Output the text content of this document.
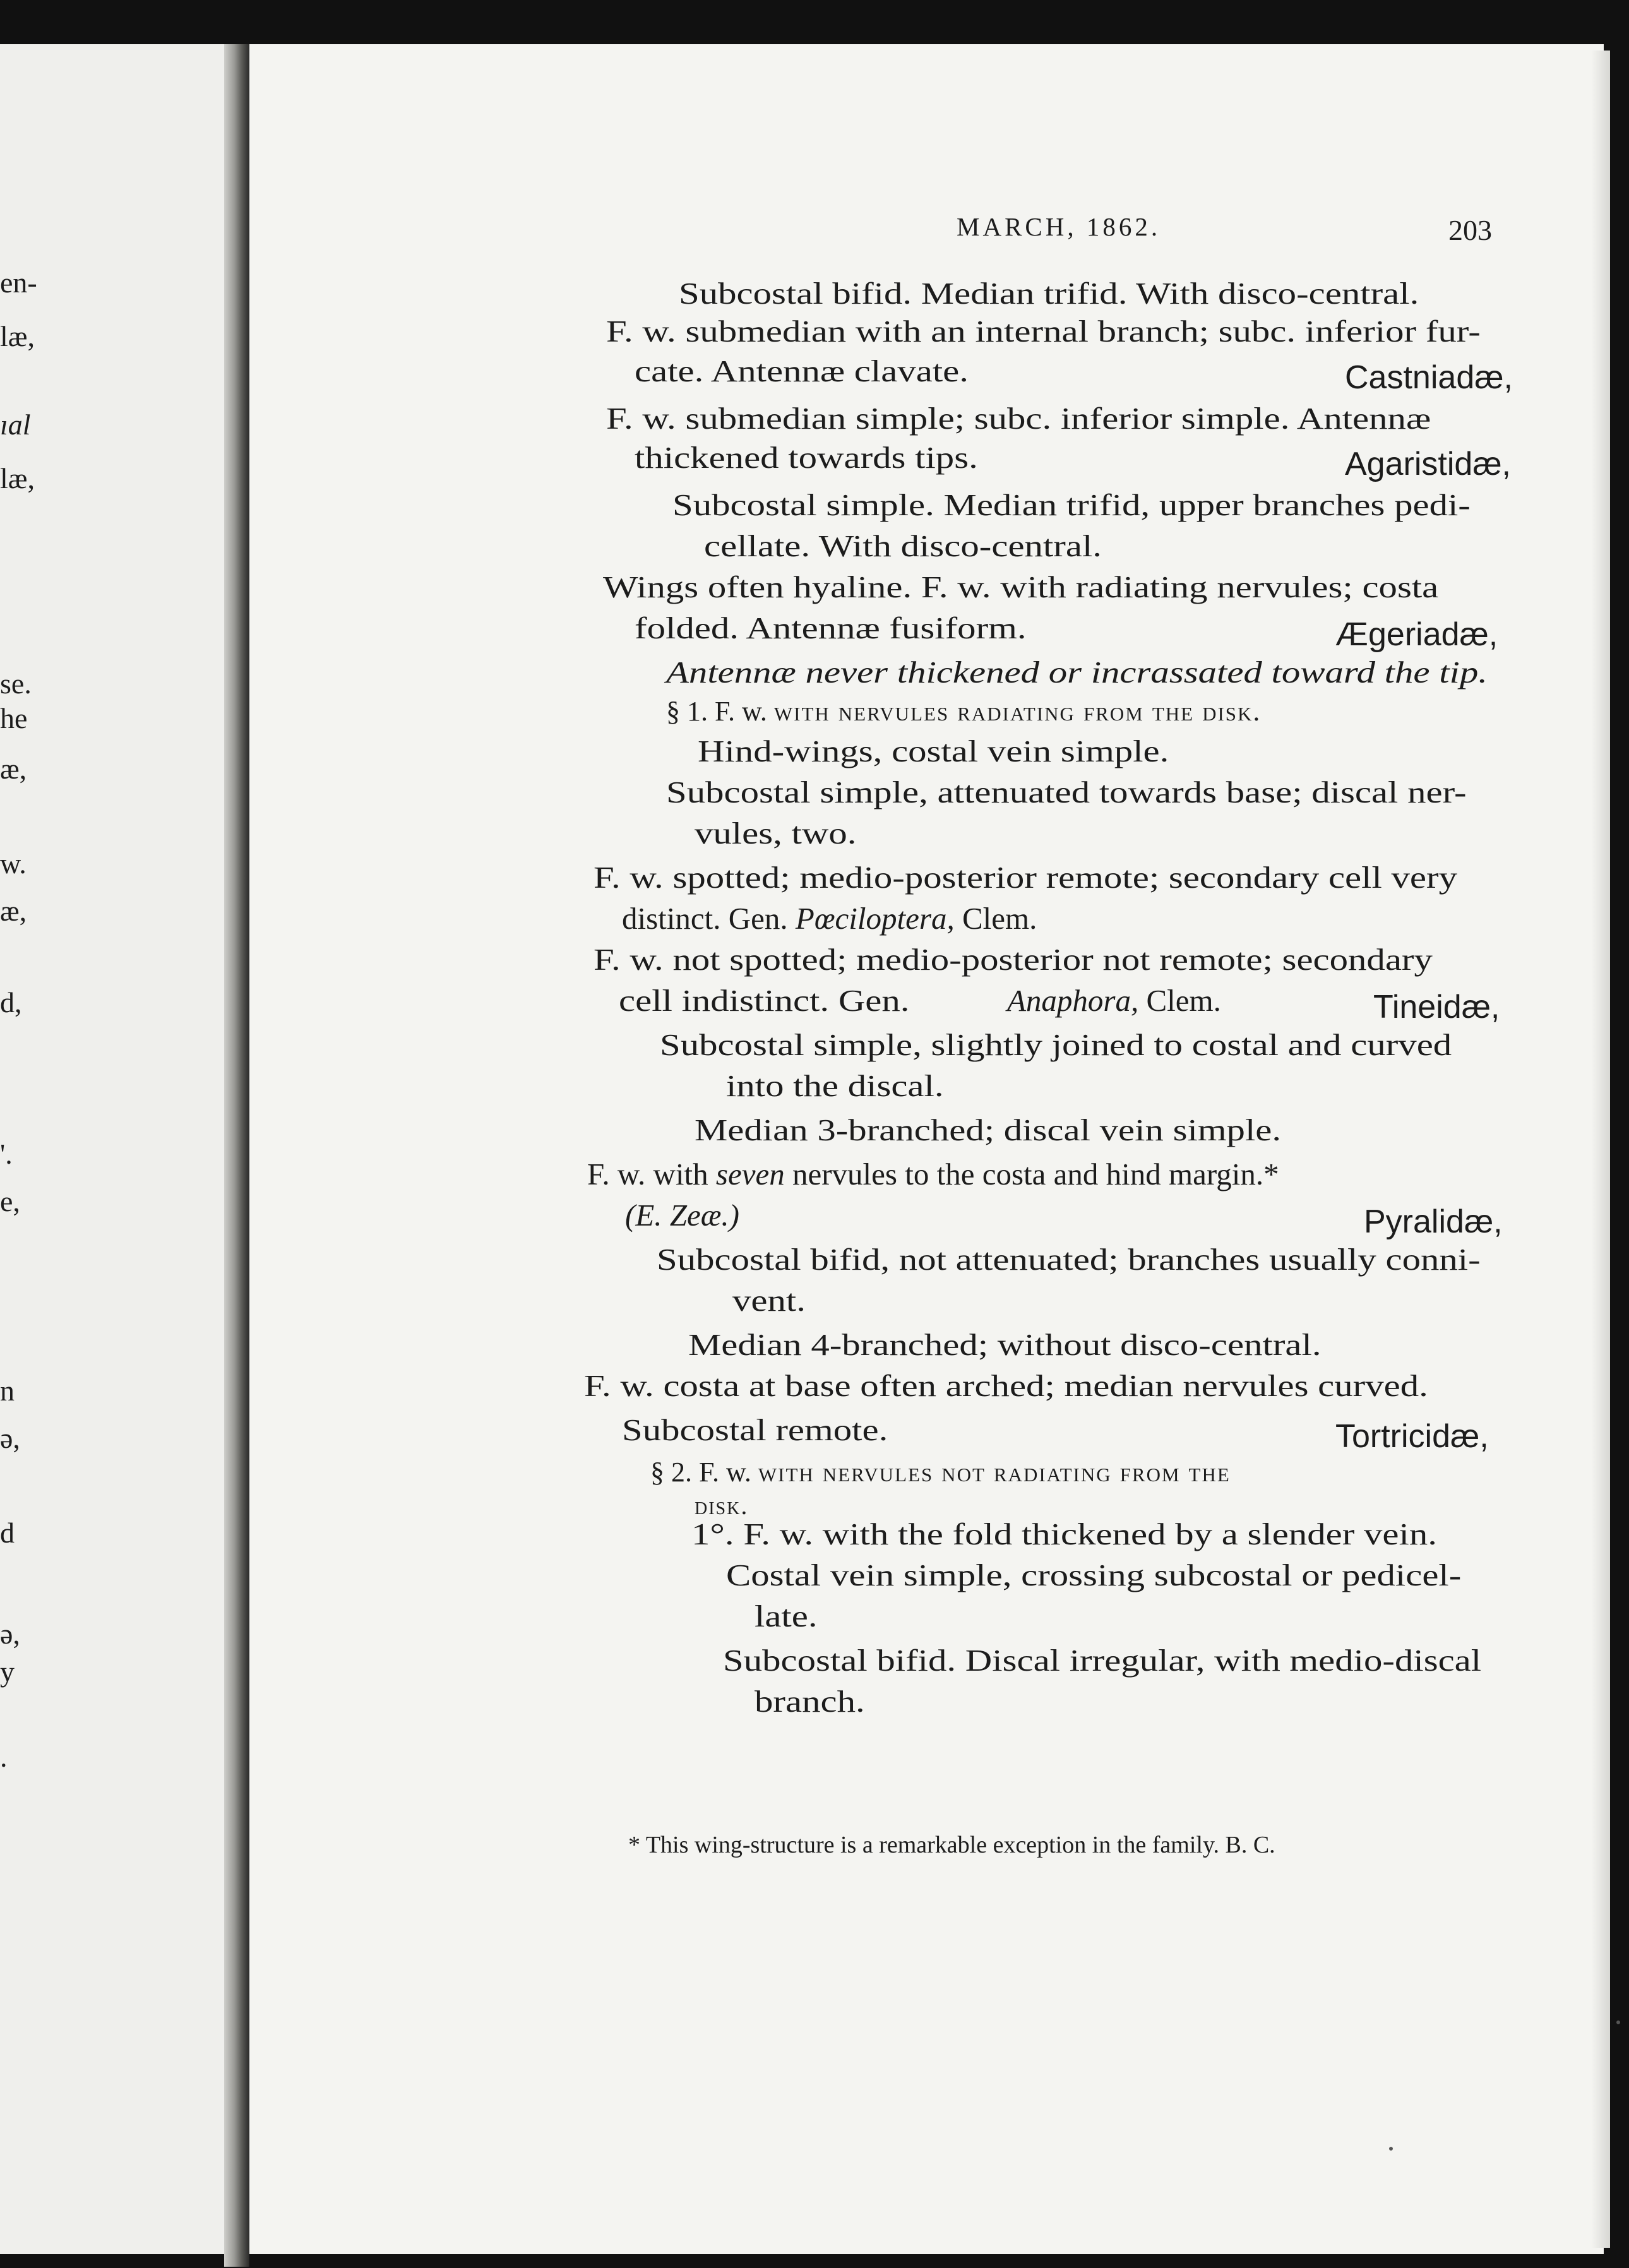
en-
læ,
ıal
læ,
se.
he
æ,
w.
æ,
d,
'.
e,
n
ə,
d
ə,
y
.
MARCH, 1862.	203
Castniadæ,
Agaristidæ,
Ægeriadæ,
Tineidæ,
Pyralidæ,
Tortricidæ,
§ 1. F. w. with nervules radiating from the disk.
distinct. Gen. Pœciloptera, Clem.
F. w. not spotted; medio-posterior not remote; secondary
Anaphora, Clem.
F. w. with seven nervules to the costa and hind margin.*
(E. Zeæ.)
§ 2. F. w. with nervules not radiating from the
disk.
* This wing-structure is a remarkable exception in the family. B. C.
Subcostal bifid. Median trifid. With disco-central.
F. w. submedian with an internal branch; subc. inferior fur-
cate. Antennæ clavate.
F. w. submedian simple; subc. inferior simple. Antennæ
thickened towards tips.
Subcostal simple. Median trifid, upper branches pedi-
cellate. With disco-central.
Wings often hyaline. F. w. with radiating nervules; costa
folded. Antennæ fusiform.
Antennæ never thickened or incrassated toward the tip.
Hind-wings, costal vein simple.
Subcostal simple, attenuated towards base; discal ner-
vules, two.
F. w. spotted; medio-posterior remote; secondary cell very
cell indistinct. Gen.
Subcostal simple, slightly joined to costal and curved
into the discal.
Median 3-branched; discal vein simple.
Subcostal bifid, not attenuated; branches usually conni-
vent.
Median 4-branched; without disco-central.
F. w. costa at base often arched; median nervules curved.
Subcostal remote.
1°. F. w. with the fold thickened by a slender vein.
Costal vein simple, crossing subcostal or pedicel-
late.
Subcostal bifid. Discal irregular, with medio-discal
branch.
